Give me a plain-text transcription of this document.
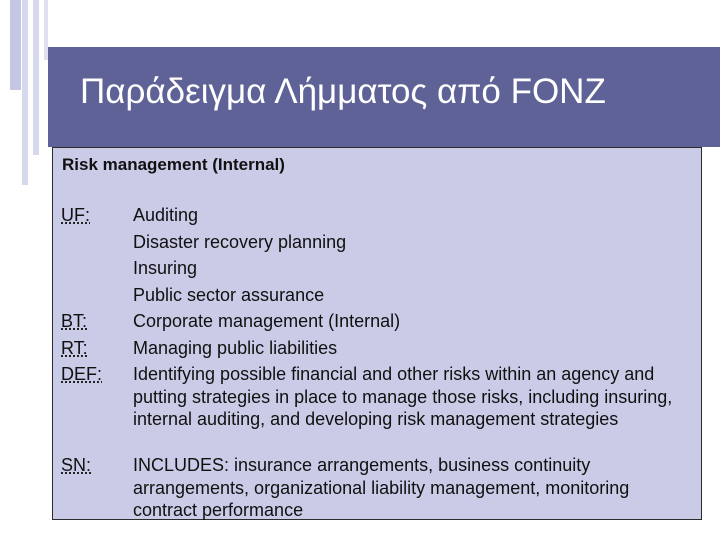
Παράδειγμα Λήμματος από FONZ
Risk management (Internal)
UF: Auditing
Disaster recovery planning
Insuring
Public sector assurance
BT:	Corporate management (Internal)
RT:	Managing public liabilities
DEF: Identifying possible financial and other risks within an agency and putting strategies in place to manage those risks, including insuring, internal auditing, and developing risk management strategies
SN: INCLUDES: insurance arrangements, business continuity arrangements, organizational liability management, monitoring contract performance
